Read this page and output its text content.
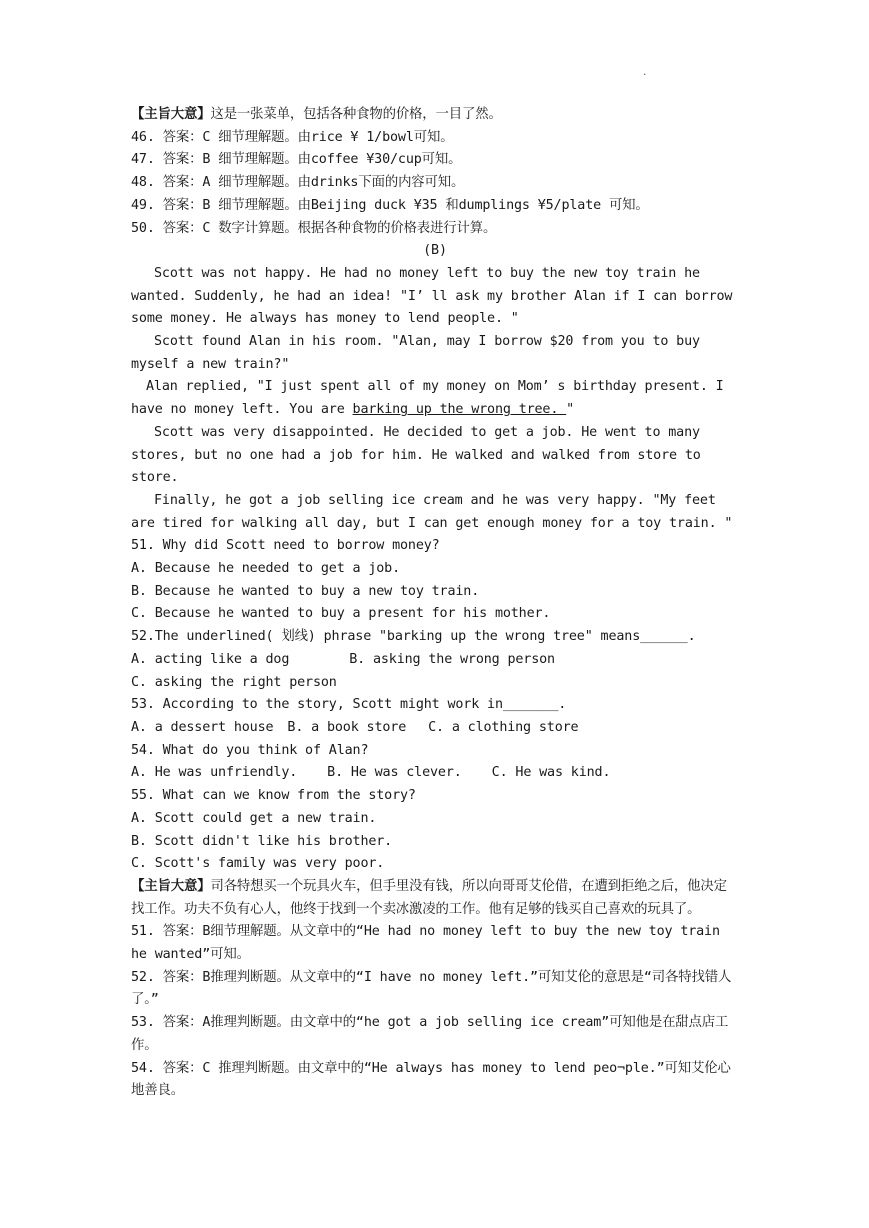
.

【主旨大意】这是一张菜单，包括各种食物的价格，一目了然。

46. 答案：C 细节理解题。由rice ¥ 1/bowl可知。

47. 答案：B 细节理解题。由coffee ¥30/cup可知。

48. 答案：A 细节理解题。由drinks下面的内容可知。

49. 答案：B 细节理解题。由Beijing duck ¥35 和dumplings ¥5/plate 可知。

50. 答案：C 数字计算题。根据各种食物的价格表进行计算。

(B)

Scott was not happy. He had no money left to buy the new toy train he wanted. Suddenly, he had an idea! "I’ ll ask my brother Alan if I can borrow some money. He always has money to lend people. "

Scott found Alan in his room. "Alan, may I borrow $20 from you to buy myself a new train?"

Alan replied, "I just spent all of my money on Mom’ s birthday present. I have no money left. You are barking up the wrong tree. "

Scott was very disappointed. He decided to get a job. He went to many stores, but no one had a job for him. He walked and walked from store to store.

Finally, he got a job selling ice cream and he was very happy. "My feet are tired for walking all day, but I can get enough money for a toy train. "

51. Why did Scott need to borrow money?

A. Because he needed to get a job.

B. Because he wanted to buy a new toy train.

C. Because he wanted to buy a present for his mother.

52.The underlined( 划线) phrase "barking up the wrong tree" means______.

A. acting like a dog	B. asking the wrong person

C. asking the right person

53. According to the story, Scott might work in_______.

A. a dessert house B. a book store C. a clothing store

54. What do you think of Alan?

A. He was unfriendly. B. He was clever. C. He was kind.

55. What can we know from the story?

A. Scott could get a new train.

B. Scott didn't like his brother.

C. Scott's family was very poor.

【主旨大意】司各特想买一个玩具火车，但手里没有钱，所以向哥哥艾伦借，在遭到拒绝之后，他决定找工作。功夫不负有心人，他终于找到一个卖冰激凌的工作。他有足够的钱买自己喜欢的玩具了。

51. 答案：B细节理解题。从文章中的“He had no money left to buy the new toy train he wanted”可知。

52. 答案：B推理判断题。从文章中的“I have no money left.”可知艾伦的意思是“司各特找错人了。”

53. 答案：A推理判断题。由文章中的“he got a job selling ice cream”可知他是在甜点店工作。

54. 答案：C 推理判断题。由文章中的“He always has money to lend peo¬ple.”可知艾伦心地善良。
